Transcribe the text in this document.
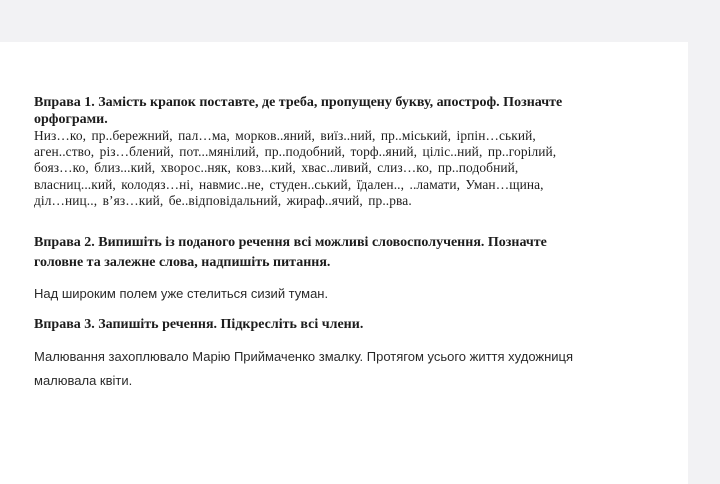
Вправа 1. Замість крапок поставте, де треба, пропущену букву, апостроф. Позначте

орфограми.

Низ…ко, пр..бережний, пал…ма, морков..яний, виїз..ний, пр..міський, ірпін…ський,

аген..ство, різ…блений, пот...мянілий, пр..подобний, торф..яний, ціліс..ний, пр..горілий,

бояз…ко, близ...кий, хворос..няк, ковз...кий, хвас..ливий, слиз…ко, пр..подобний,

власниц...кий, колодяз…ні, навмис..не, студен..ський, ї̈дален.., ..ламати, Уман…щина,

діл…ниц.., в’яз…кий, бе..відповідальний, жираф..ячий, пр..рва.

Вправа 2. Випишіть із поданого речення всі можливі словосполучення. Позначте

головне та залежне слова, надпишіть питання.

Над широким полем уже стелиться сизий туман.

Вправа 3. Запишіть речення. Підкресліть всі члени.

Малювання захоплювало Марію Приймаченко змалку. Протягом усього життя художниця

малювала квіти.
